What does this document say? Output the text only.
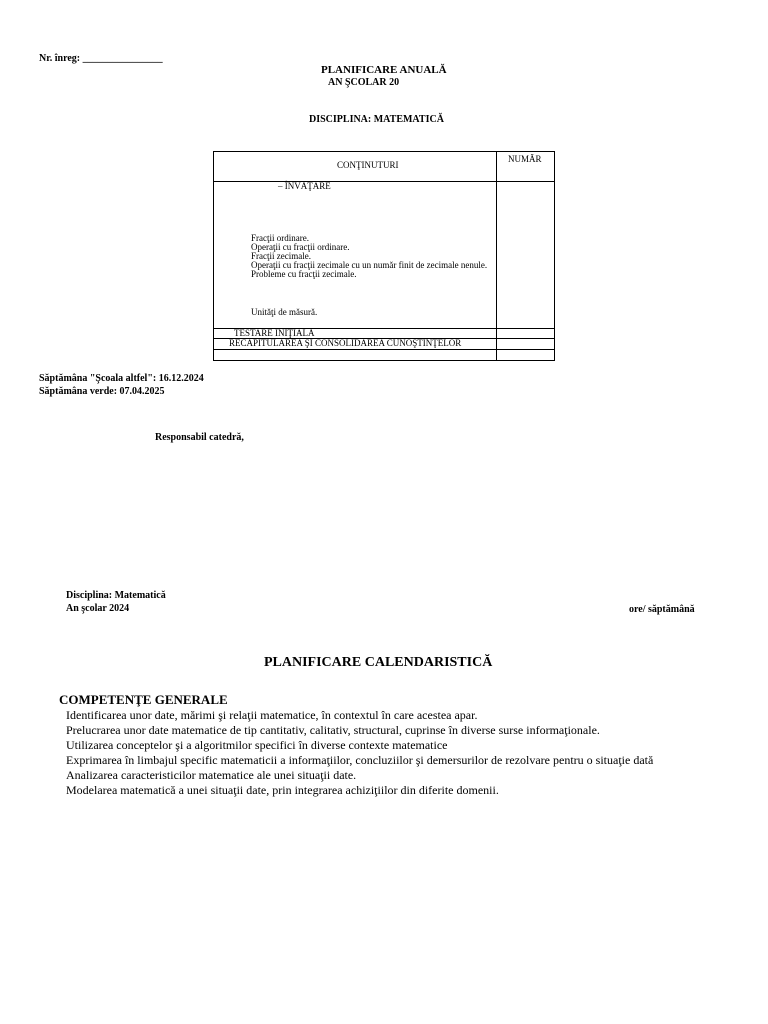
Nr. înreg: ________________
PLANIFICARE ANUALĂ
AN ŞCOLAR 20
DISCIPLINA: MATEMATICĂ
CONŢINUTURI
NUMĂR
– ÎNVĂŢARE
Fracţii ordinare.
Operaţii cu fracţii ordinare.
Fracţii zecimale.
Operaţii cu fracţii zecimale cu un număr finit de zecimale nenule.
Probleme cu fracţii zecimale.
Unităţi de măsură.
TESTARE INIŢIALĂ
RECAPITULAREA ŞI CONSOLIDAREA CUNOŞTINŢELOR
Săptămâna "Şcoala altfel": 16.12.2024
Săptămâna verde: 07.04.2025
Responsabil catedră,
Disciplina: Matematică
An şcolar 2024	ore/ săptămână
PLANIFICARE CALENDARISTICĂ
COMPETENŢE GENERALE
Identificarea unor date, mărimi şi relaţii matematice, în contextul în care acestea apar.
Prelucrarea unor date matematice de tip cantitativ, calitativ, structural, cuprinse în diverse surse informaţionale.
Utilizarea conceptelor şi a algoritmilor specifici în diverse contexte matematice
Exprimarea în limbajul specific matematicii a informaţiilor, concluziilor şi demersurilor de rezolvare pentru o situaţie dată
Analizarea caracteristicilor matematice ale unei situaţii date.
Modelarea matematică a unei situaţii date, prin integrarea achiziţiilor din diferite domenii.
